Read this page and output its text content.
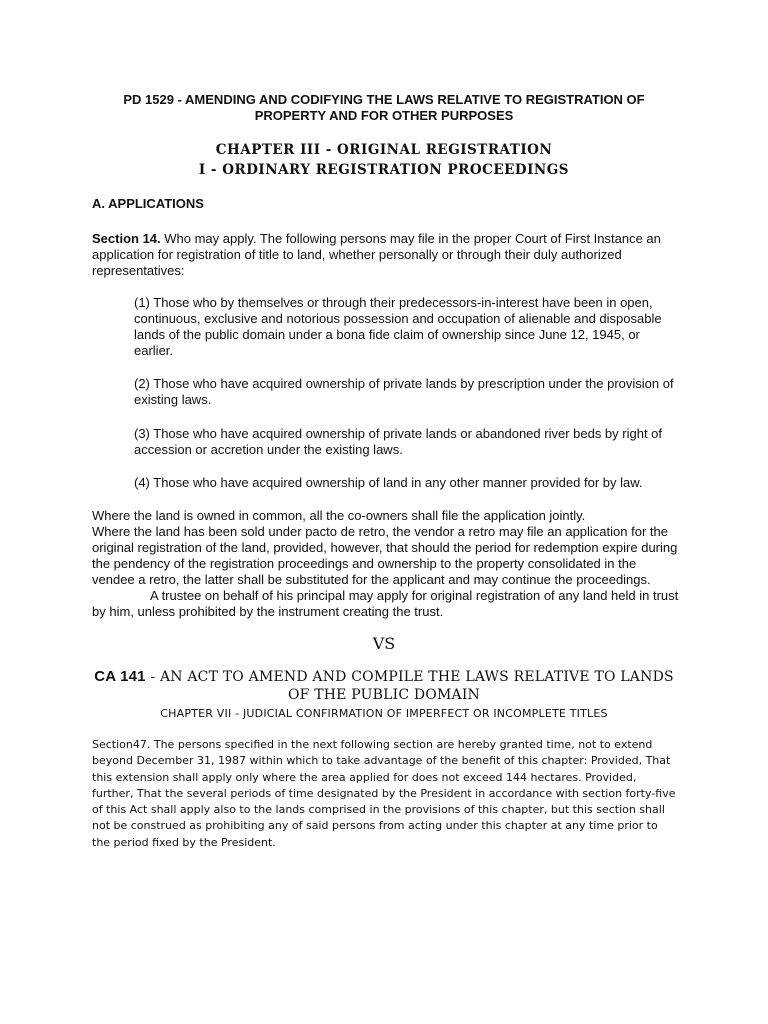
PD 1529 - AMENDING AND CODIFYING THE LAWS RELATIVE TO REGISTRATION OF PROPERTY AND FOR OTHER PURPOSES
CHAPTER III - ORIGINAL REGISTRATION
I - ORDINARY REGISTRATION PROCEEDINGS
A. APPLICATIONS
Section 14. Who may apply. The following persons may file in the proper Court of First Instance an application for registration of title to land, whether personally or through their duly authorized representatives:
(1) Those who by themselves or through their predecessors-in-interest have been in open, continuous, exclusive and notorious possession and occupation of alienable and disposable lands of the public domain under a bona fide claim of ownership since June 12, 1945, or earlier.
(2) Those who have acquired ownership of private lands by prescription under the provision of existing laws.
(3) Those who have acquired ownership of private lands or abandoned river beds by right of accession or accretion under the existing laws.
(4) Those who have acquired ownership of land in any other manner provided for by law.
Where the land is owned in common, all the co-owners shall file the application jointly.
Where the land has been sold under pacto de retro, the vendor a retro may file an application for the original registration of the land, provided, however, that should the period for redemption expire during the pendency of the registration proceedings and ownership to the property consolidated in the vendee a retro, the latter shall be substituted for the applicant and may continue the proceedings.A trustee on behalf of his principal may apply for original registration of any land held in trust by him, unless prohibited by the instrument creating the trust.
VS
CA 141 - AN ACT TO AMEND AND COMPILE THE LAWS RELATIVE TO LANDS OF THE PUBLIC DOMAIN
CHAPTER VII - JUDICIAL CONFIRMATION OF IMPERFECT OR INCOMPLETE TITLES
Section47. The persons specified in the next following section are hereby granted time, not to extend beyond December 31, 1987 within which to take advantage of the benefit of this chapter: Provided, That this extension shall apply only where the area applied for does not exceed 144 hectares. Provided, further, That the several periods of time designated by the President in accordance with section forty-five of this Act shall apply also to the lands comprised in the provisions of this chapter, but this section shall not be construed as prohibiting any of said persons from acting under this chapter at any time prior to the period fixed by the President.
